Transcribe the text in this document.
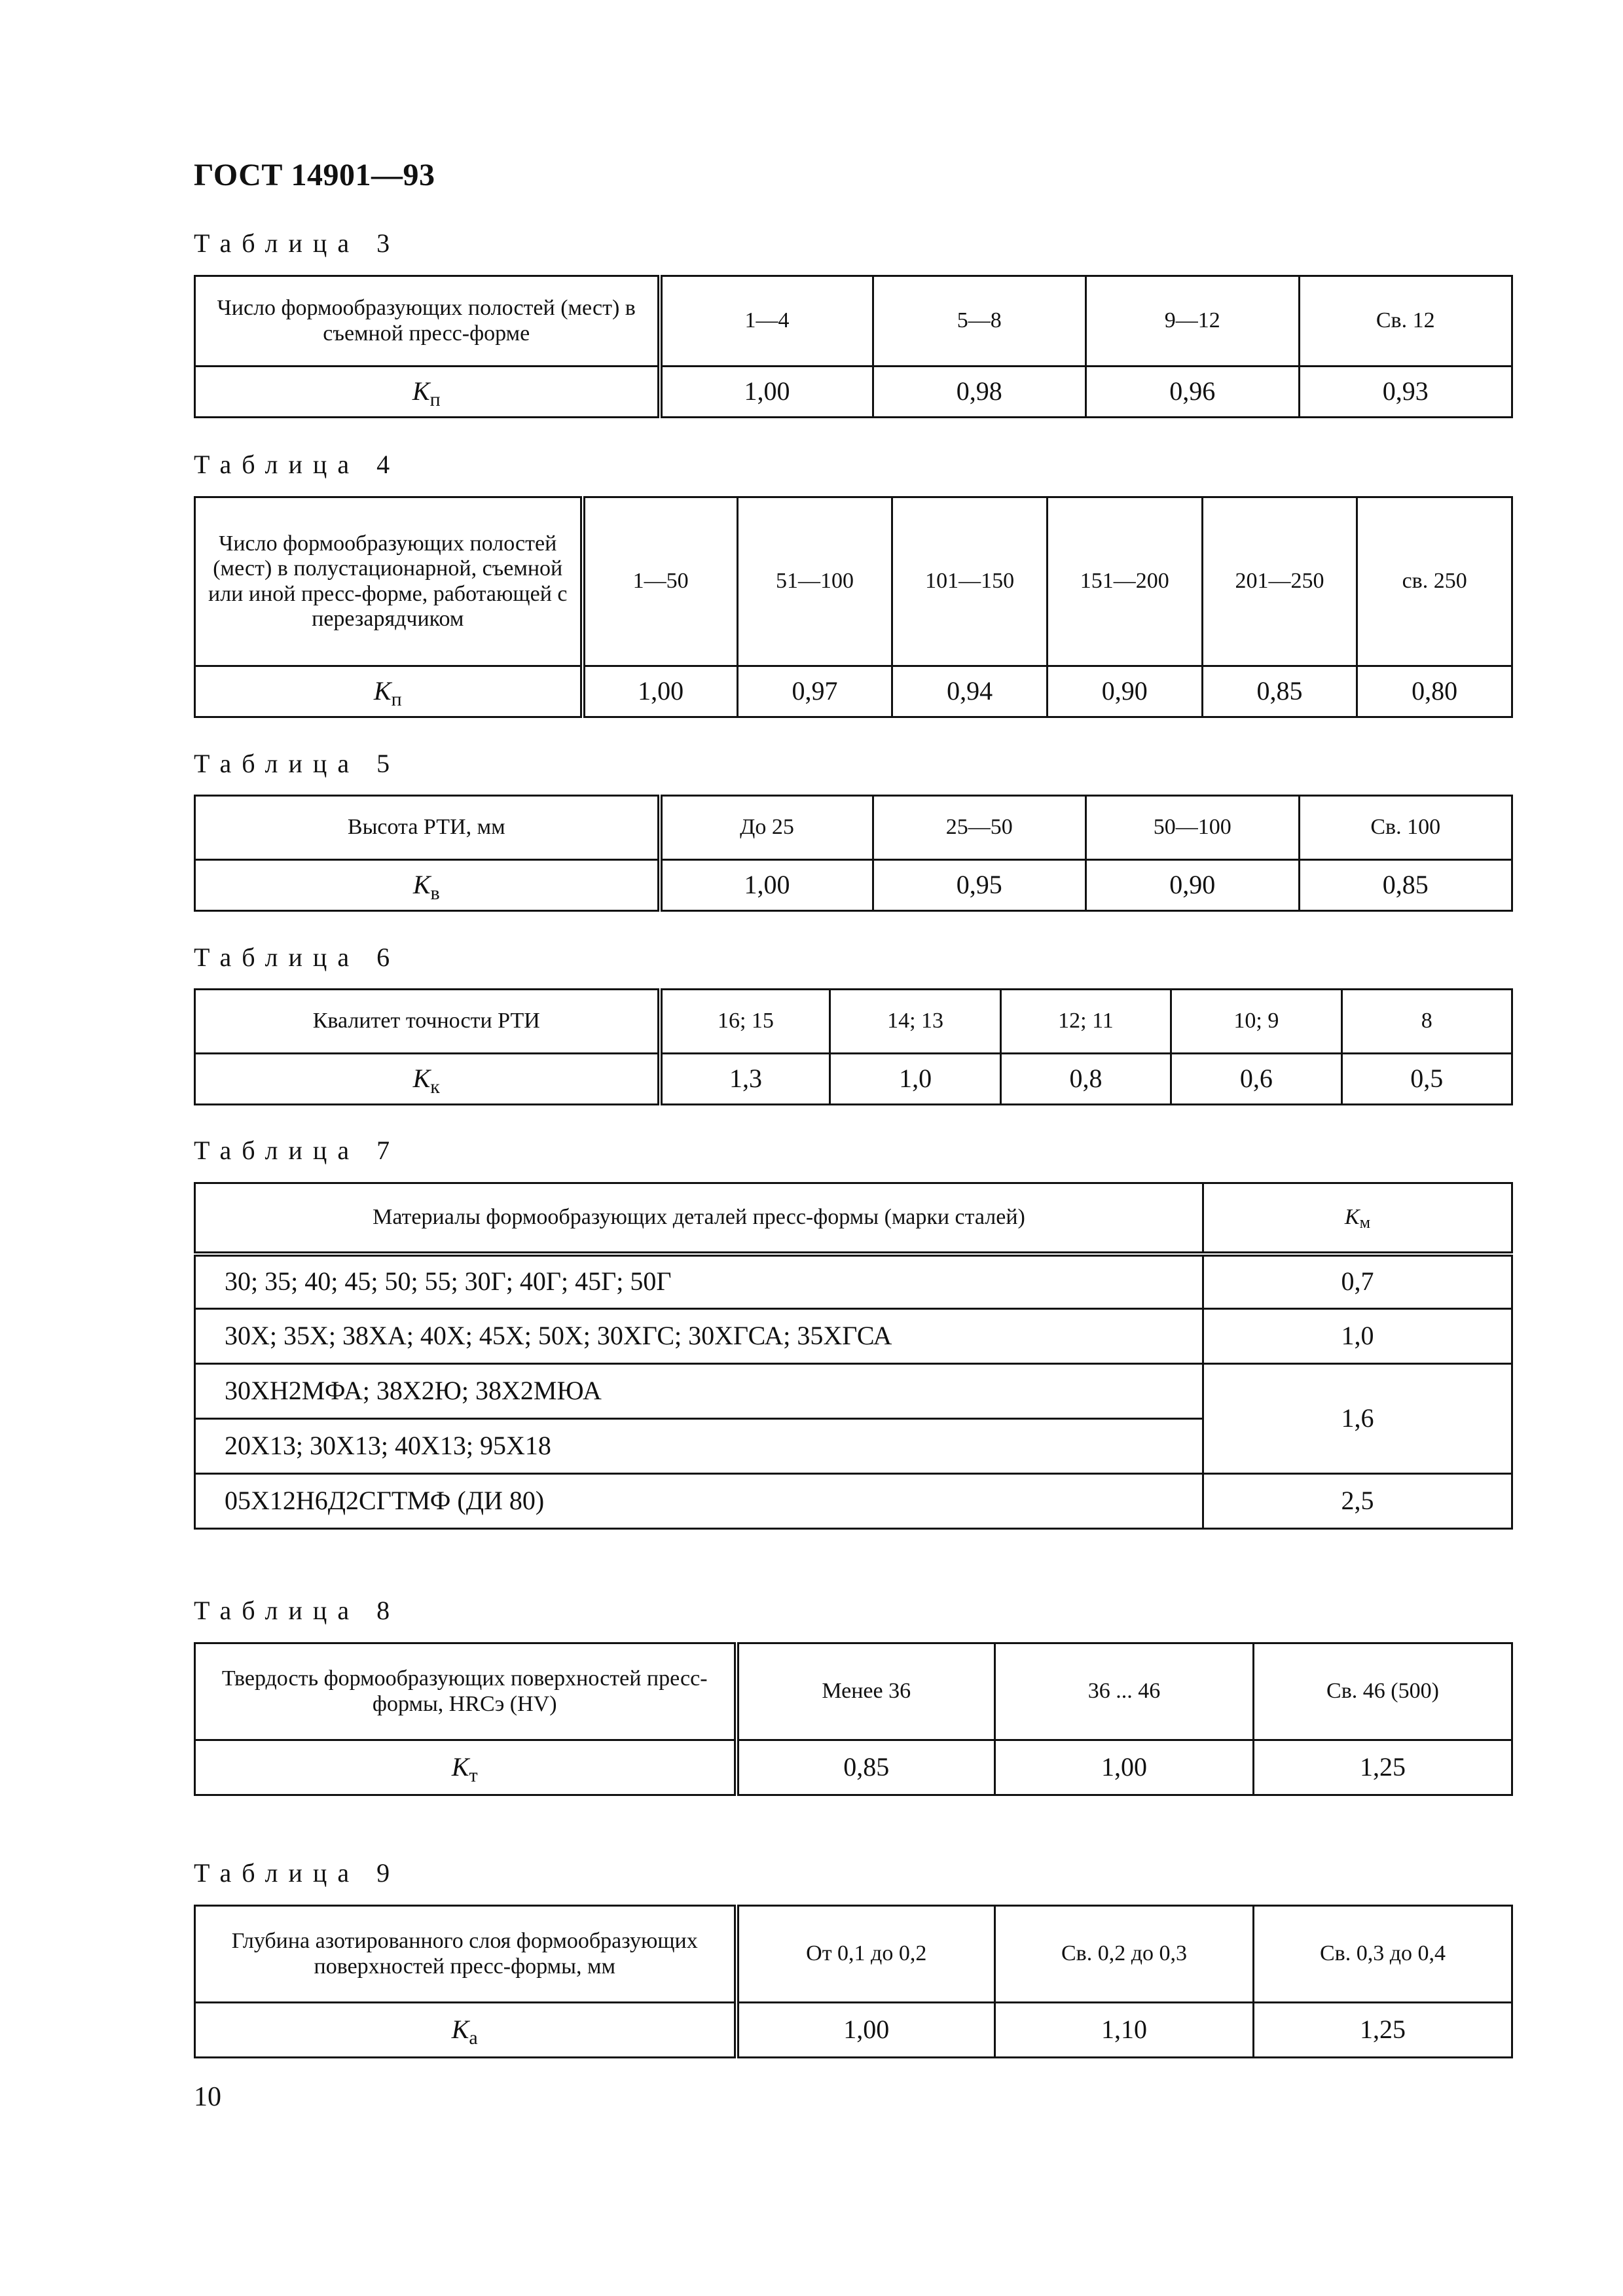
ГОСТ 14901—93
Таблица 3
Число формообразующих полостей (мест) в съемной пресс-форме	1—4	5—8	9—12	Св. 12
$K_п$	1,00	0,98	0,96	0,93
Таблица 4
Число формообразующих полостей (мест) в полустационарной, съемной или иной пресс-форме, работающей с перезарядчиком	1—50	51—100	101—150	151—200	201—250	св. 250
$K_п$	1,00	0,97	0,94	0,90	0,85	0,80
Таблица 5
Высота РТИ, мм	До 25	25—50	50—100	Св. 100
$K_в$	1,00	0,95	0,90	0,85
Таблица 6
Квалитет точности РТИ	16; 15	14; 13	12; 11	10; 9	8
$K_к$	1,3	1,0	0,8	0,6	0,5
Таблица 7
Материалы формообразующих деталей пресс-формы (марки сталей)	$K_м$
30; 35; 40; 45; 50; 55; 30Г; 40Г; 45Г; 50Г	0,7
30Х; 35Х; 38ХА; 40Х; 45Х; 50Х; 30ХГС; 30ХГСА; 35ХГСА	1,0
30ХН2МФА; 38Х2Ю; 38Х2МЮА	1,6
20Х13; 30Х13; 40Х13; 95Х18	
05Х12Н6Д2СГТМФ (ДИ 80)	2,5
Таблица 8
Твердость формообразующих поверхностей пресс-формы, HRCэ (HV)	Менее 36	36 ... 46	Св. 46 (500)
$K_т$	0,85	1,00	1,25
Таблица 9
Глубина азотированного слоя формообразующих поверхностей пресс-формы, мм	От 0,1 до 0,2	Св. 0,2 до 0,3	Св. 0,3 до 0,4
$K_а$	1,00	1,10	1,25
10
